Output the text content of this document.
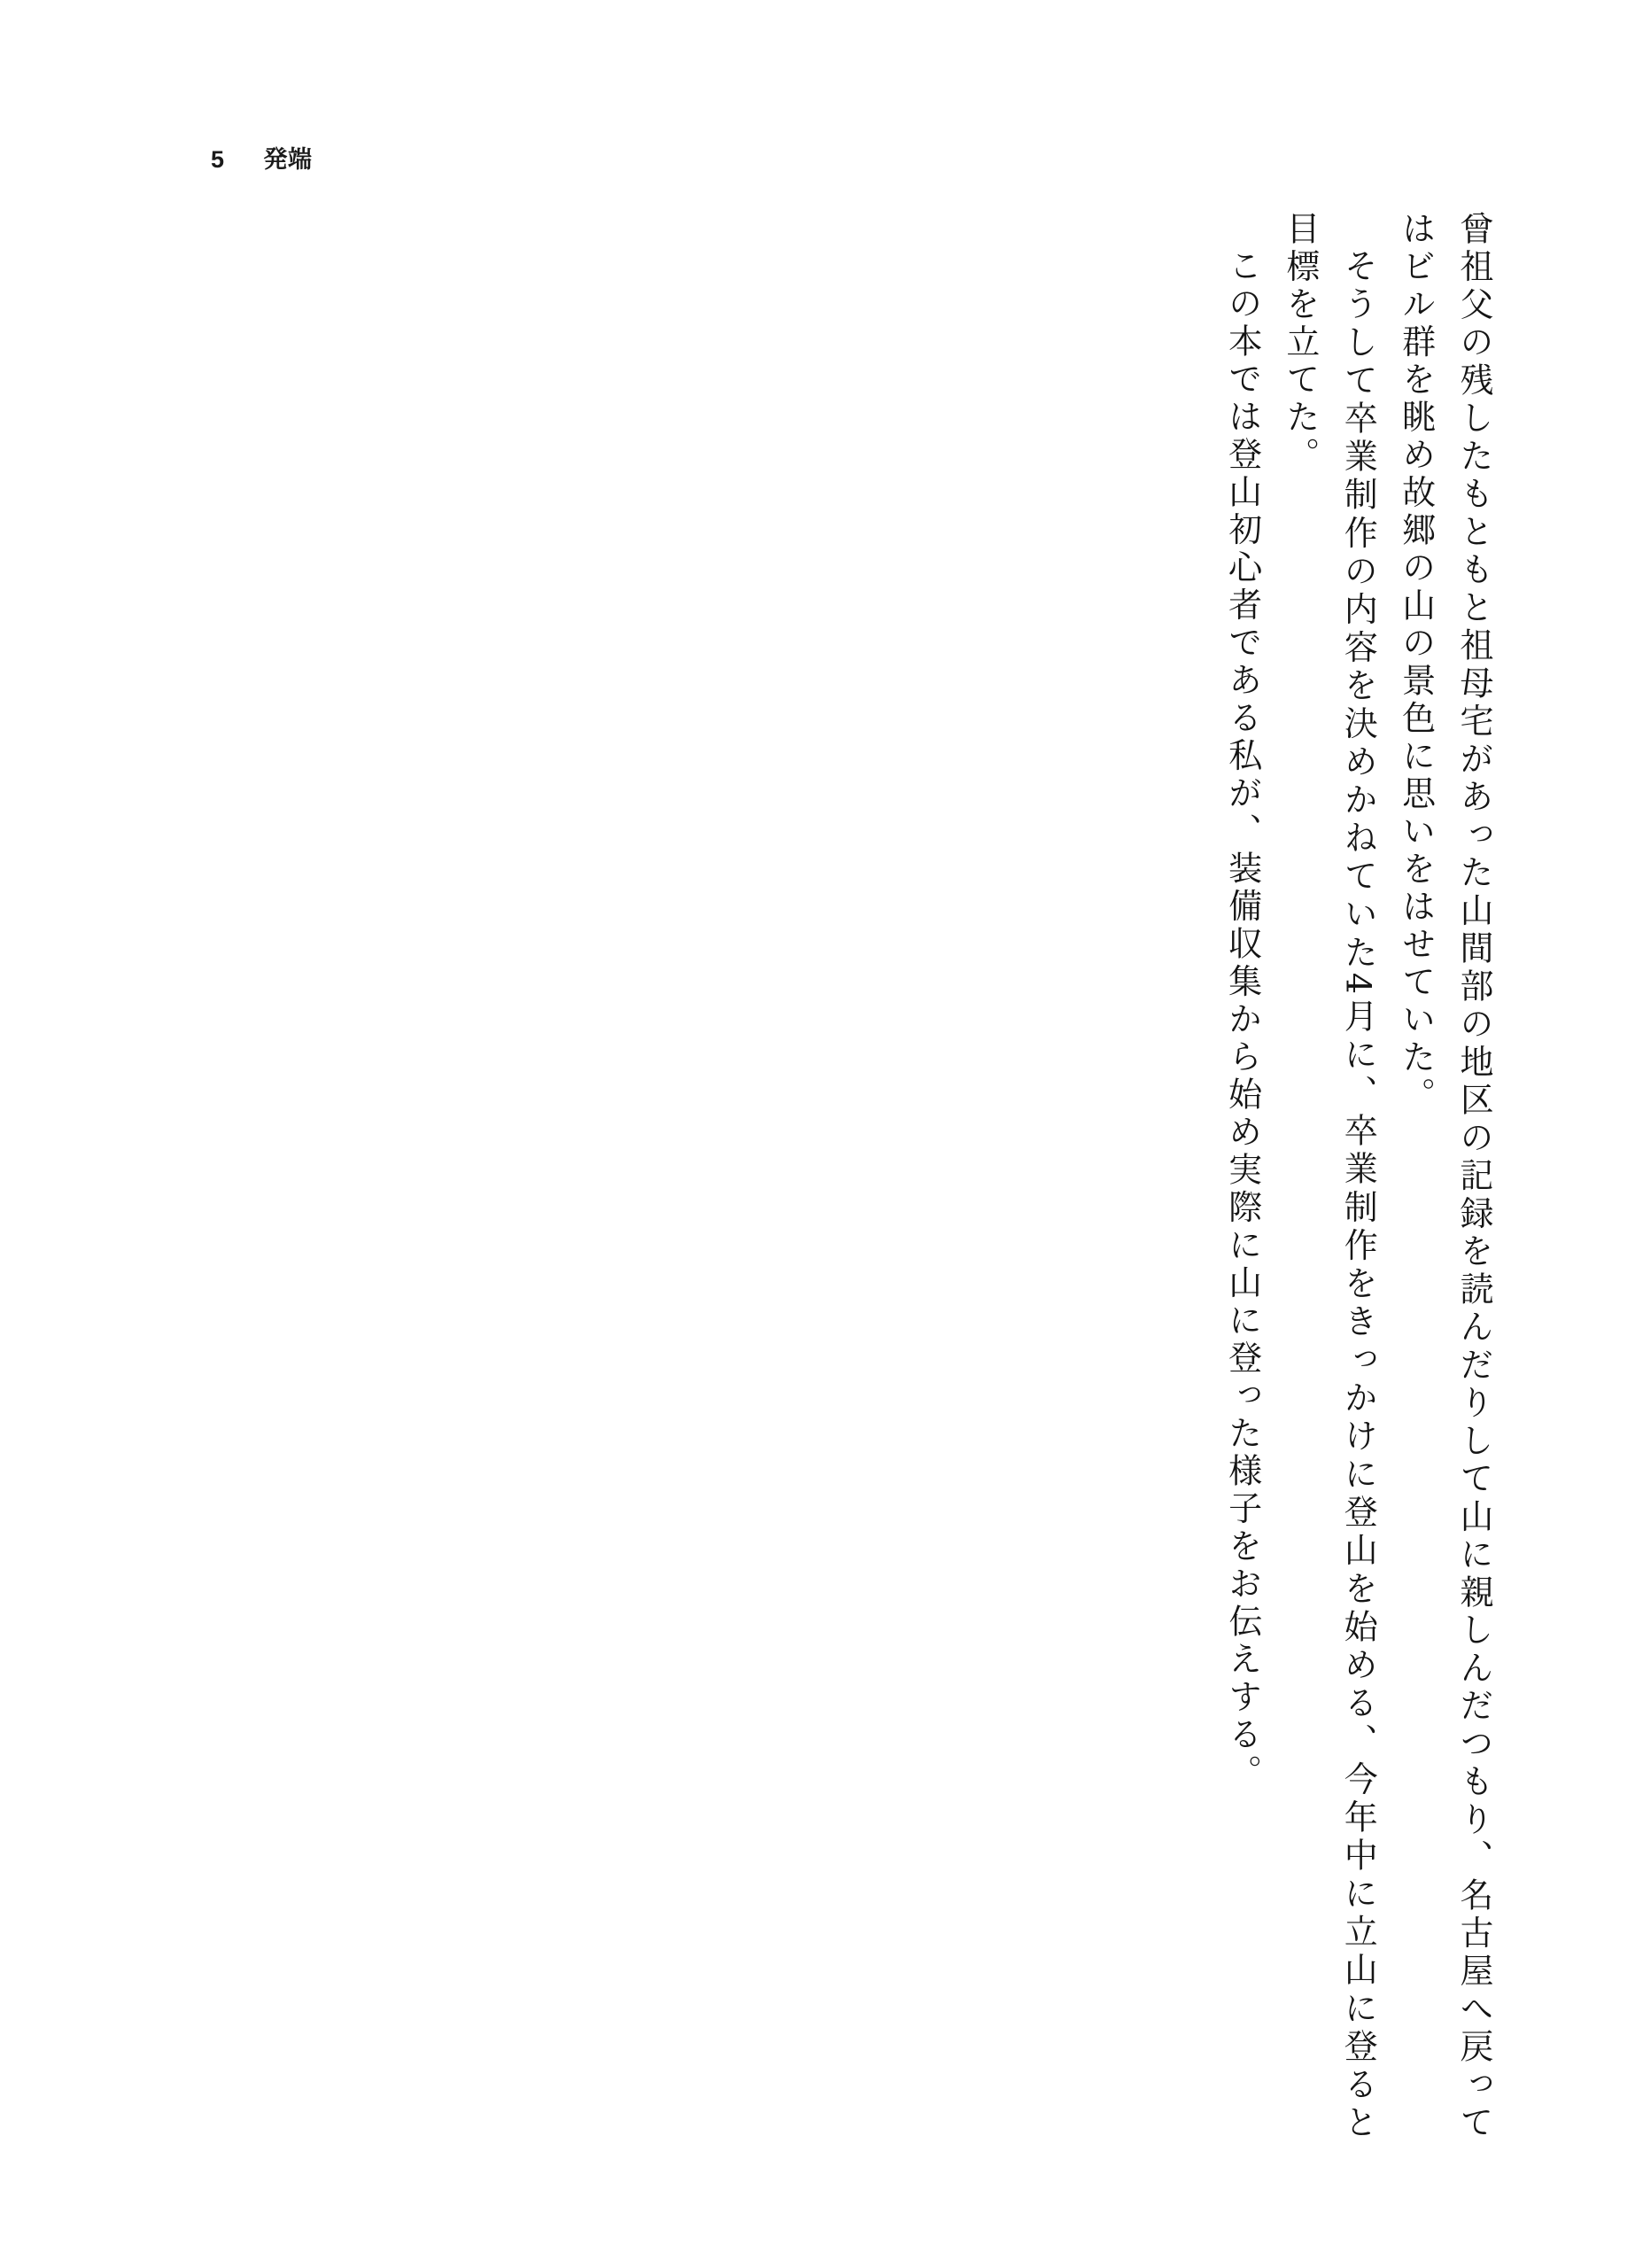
5 発端

曾祖父の残したもともと祖母宅があった山間部の地区の記録を読んだりして山に親しんだつもり、名古屋へ戻ってはビル群を眺め故郷の山の景色に思いをはせていた。

そうして卒業制作の内容を決めかねていた4月に、卒業制作をきっかけに登山を始める、今年中に立山に登ると目標を立てた。

この本では登山初心者である私が、装備収集から始め実際に山に登った様子をお伝えする。
